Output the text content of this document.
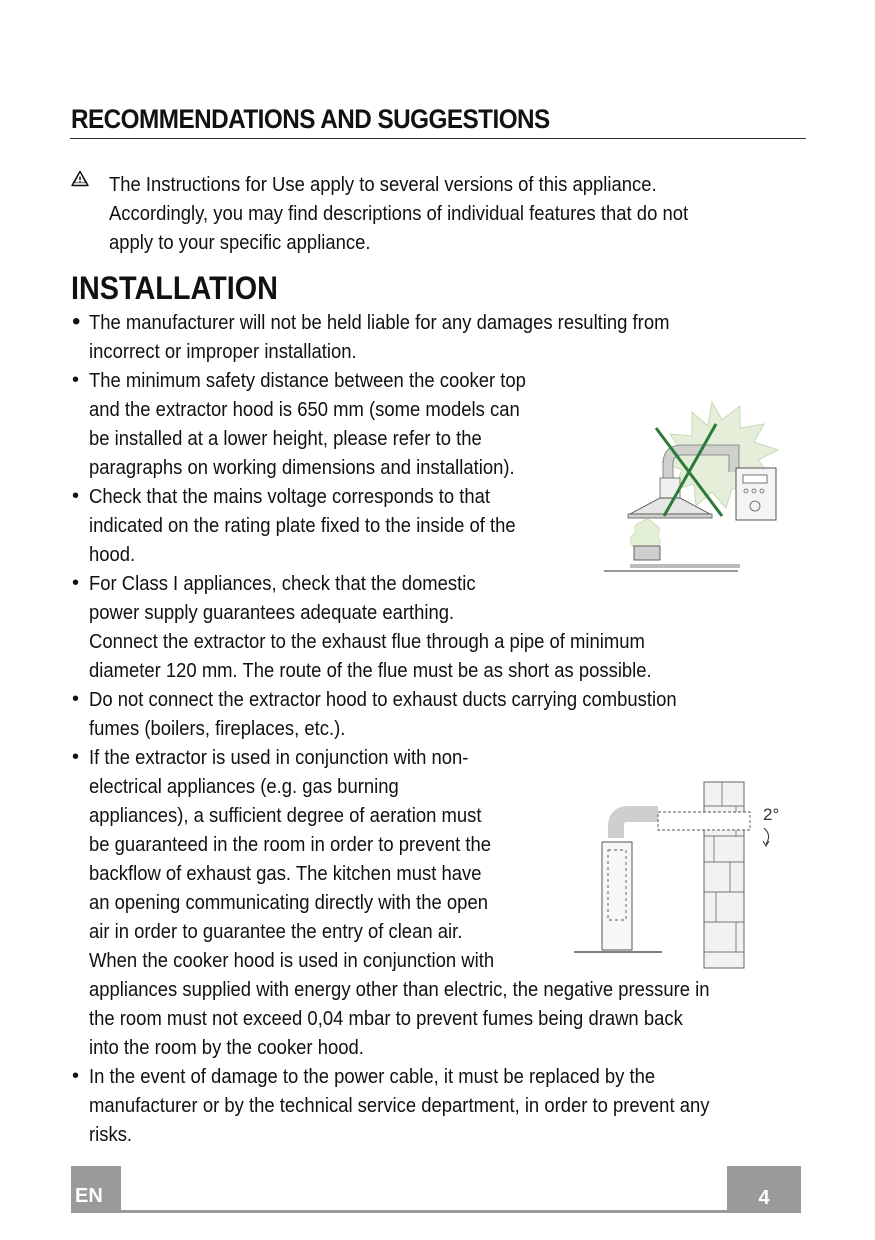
RECOMMENDATIONS AND SUGGESTIONS
The Instructions for Use apply to several versions of this appliance.
Accordingly, you may find descriptions of individual features that do not
apply to your specific appliance.
INSTALLATION
• The manufacturer will not be held liable for any damages resulting from
incorrect or improper installation.
• The minimum safety distance between the cooker top
and the extractor hood is 650 mm (some models can
be installed at a lower height, please refer to the
paragraphs on working dimensions and installation).
• Check that the mains voltage corresponds to that
indicated on the rating plate fixed to the inside of the
hood.
• For Class I appliances, check that the domestic
power supply guarantees adequate earthing.
Connect the extractor to the exhaust flue through a pipe of minimum
diameter 120 mm. The route of the flue must be as short as possible.
• Do not connect the extractor hood to exhaust ducts carrying combustion
fumes (boilers, fireplaces, etc.).
• If the extractor is used in conjunction with non-
electrical appliances (e.g. gas burning
appliances), a sufficient degree of aeration must
be guaranteed in the room in order to prevent the
backflow of exhaust gas. The kitchen must have
an opening communicating directly with the open
air in order to guarantee the entry of clean air.
When the cooker hood is used in conjunction with
appliances supplied with energy other than electric, the negative pressure in
the room must not exceed 0,04 mbar to prevent fumes being drawn back
into the room by the cooker hood.
• In the event of damage to the power cable, it must be replaced by the
manufacturer or by the technical service department, in order to prevent any
risks.
2°
EN	4
